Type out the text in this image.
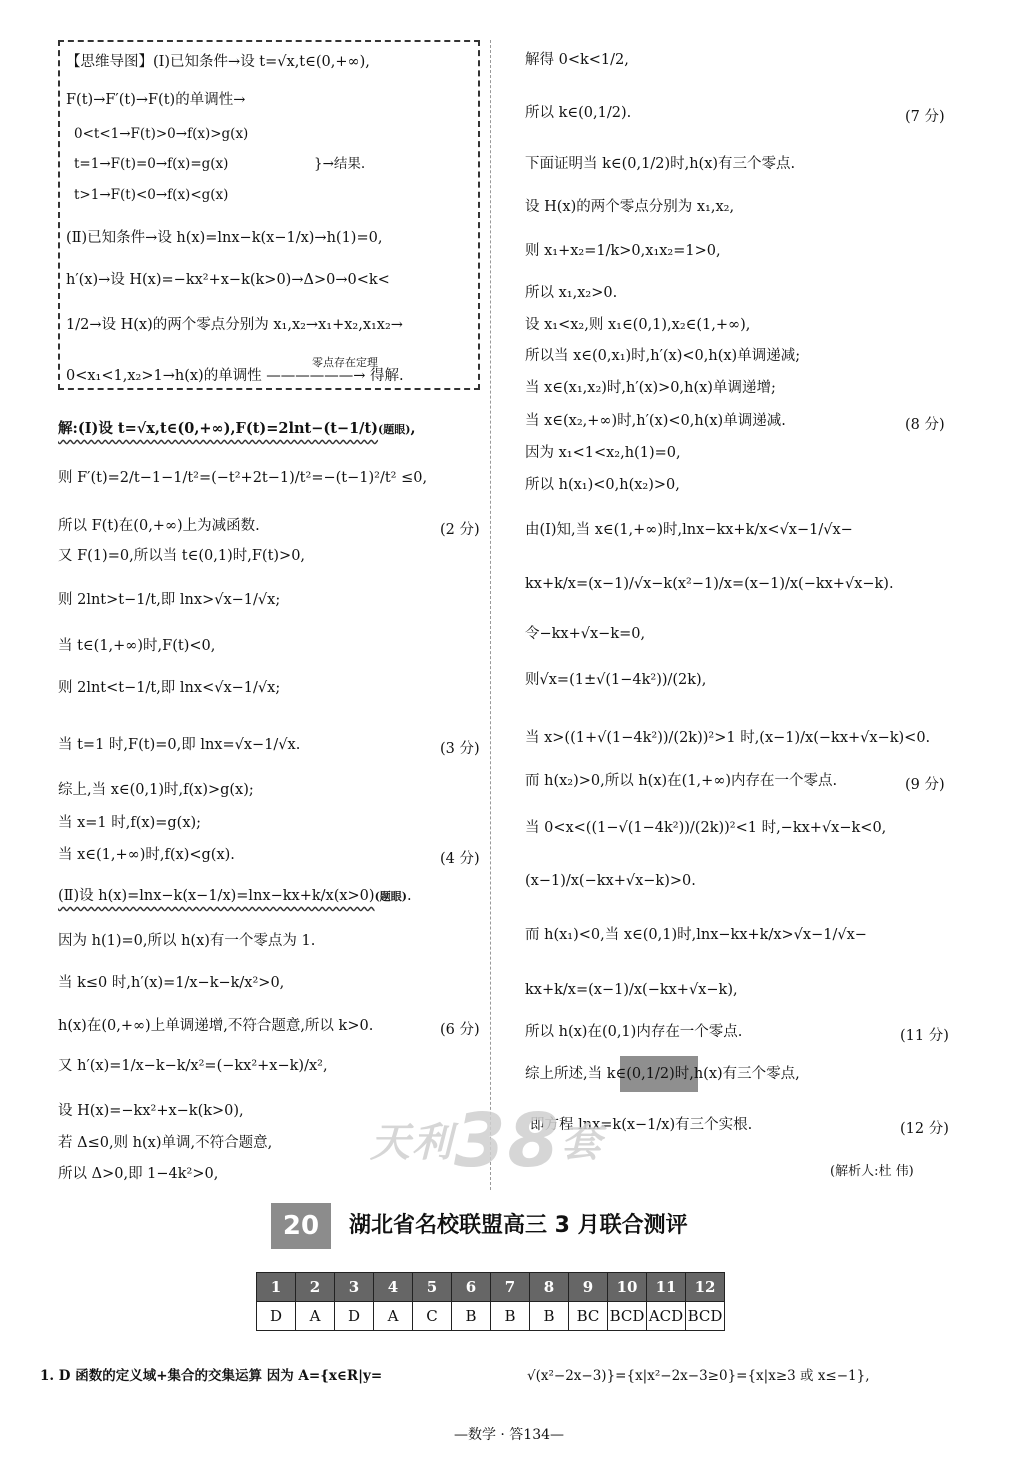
【思维导图】(Ⅰ)已知条件→设 t=√x,t∈(0,+∞),
F(t)→F′(t)→F(t)的单调性→
0<t<1→F(t)>0→f(x)>g(x)
t=1→F(t)=0→f(x)=g(x)
t>1→F(t)<0→f(x)<g(x)
}→结果.
(Ⅱ)已知条件→设 h(x)=lnx−k(x−1/x)→h(1)=0,
h′(x)→设 H(x)=−kx²+x−k(k>0)→Δ>0→0<k<
1/2→设 H(x)的两个零点分别为 x₁,x₂→x₁+x₂,x₁x₂→
零点存在定理
0<x₁<1,x₂>1→h(x)的单调性 ——————→ 得解.
解:(Ⅰ)设 t=√x,t∈(0,+∞),F(t)=2lnt−(t−1/t)(题眼),
则 F′(t)=2/t−1−1/t²=(−t²+2t−1)/t²=−(t−1)²/t² ≤0,
所以 F(t)在(0,+∞)上为减函数.	(2 分)
又 F(1)=0,所以当 t∈(0,1)时,F(t)>0,
则 2lnt>t−1/t,即 lnx>√x−1/√x;
当 t∈(1,+∞)时,F(t)<0,
则 2lnt<t−1/t,即 lnx<√x−1/√x;
当 t=1 时,F(t)=0,即 lnx=√x−1/√x.	(3 分)
综上,当 x∈(0,1)时,f(x)>g(x);
当 x=1 时,f(x)=g(x);
当 x∈(1,+∞)时,f(x)<g(x).	(4 分)
(Ⅱ)设 h(x)=lnx−k(x−1/x)=lnx−kx+k/x(x>0)(题眼).
因为 h(1)=0,所以 h(x)有一个零点为 1.
当 k≤0 时,h′(x)=1/x−k−k/x²>0,
h(x)在(0,+∞)上单调递增,不符合题意,所以 k>0.	(6 分)
又 h′(x)=1/x−k−k/x²=(−kx²+x−k)/x²,
设 H(x)=−kx²+x−k(k>0),
若 Δ≤0,则 h(x)单调,不符合题意,
所以 Δ>0,即 1−4k²>0,
解得 0<k<1/2,
所以 k∈(0,1/2).	(7 分)
下面证明当 k∈(0,1/2)时,h(x)有三个零点.
设 H(x)的两个零点分别为 x₁,x₂,
则 x₁+x₂=1/k>0,x₁x₂=1>0,
所以 x₁,x₂>0.
设 x₁<x₂,则 x₁∈(0,1),x₂∈(1,+∞),
所以当 x∈(0,x₁)时,h′(x)<0,h(x)单调递减;
当 x∈(x₁,x₂)时,h′(x)>0,h(x)单调递增;
当 x∈(x₂,+∞)时,h′(x)<0,h(x)单调递减.	(8 分)
因为 x₁<1<x₂,h(1)=0,
所以 h(x₁)<0,h(x₂)>0,
由(Ⅰ)知,当 x∈(1,+∞)时,lnx−kx+k/x<√x−1/√x−
kx+k/x=(x−1)/√x−k(x²−1)/x=(x−1)/x(−kx+√x−k).
令−kx+√x−k=0,
则√x=(1±√(1−4k²))/(2k),
当 x>((1+√(1−4k²))/(2k))²>1 时,(x−1)/x(−kx+√x−k)<0.
而 h(x₂)>0,所以 h(x)在(1,+∞)内存在一个零点.	(9 分)
当 0<x<((1−√(1−4k²))/(2k))²<1 时,−kx+√x−k<0,
(x−1)/x(−kx+√x−k)>0.
而 h(x₁)<0,当 x∈(0,1)时,lnx−kx+k/x>√x−1/√x−
kx+k/x=(x−1)/x(−kx+√x−k),
所以 h(x)在(0,1)内存在一个零点.	(11 分)
综上所述,当 k∈(0,1/2)时,h(x)有三个零点,
即方程 lnx=k(x−1/x)有三个实根.	(12 分)
(解析人:杜 伟)
天利38套
20	湖北省名校联盟高三 3 月联合测评
1	2	3	4	5	6	7	8	9	10	11	12
D	A	D	A	C	B	B	B	BC	BCD	ACD	BCD
1. D 函数的定义域+集合的交集运算 因为 A={x∈R|y=	√(x²−2x−3)}={x|x²−2x−3≥0}={x|x≥3 或 x≤−1},
—数学 · 答134—
